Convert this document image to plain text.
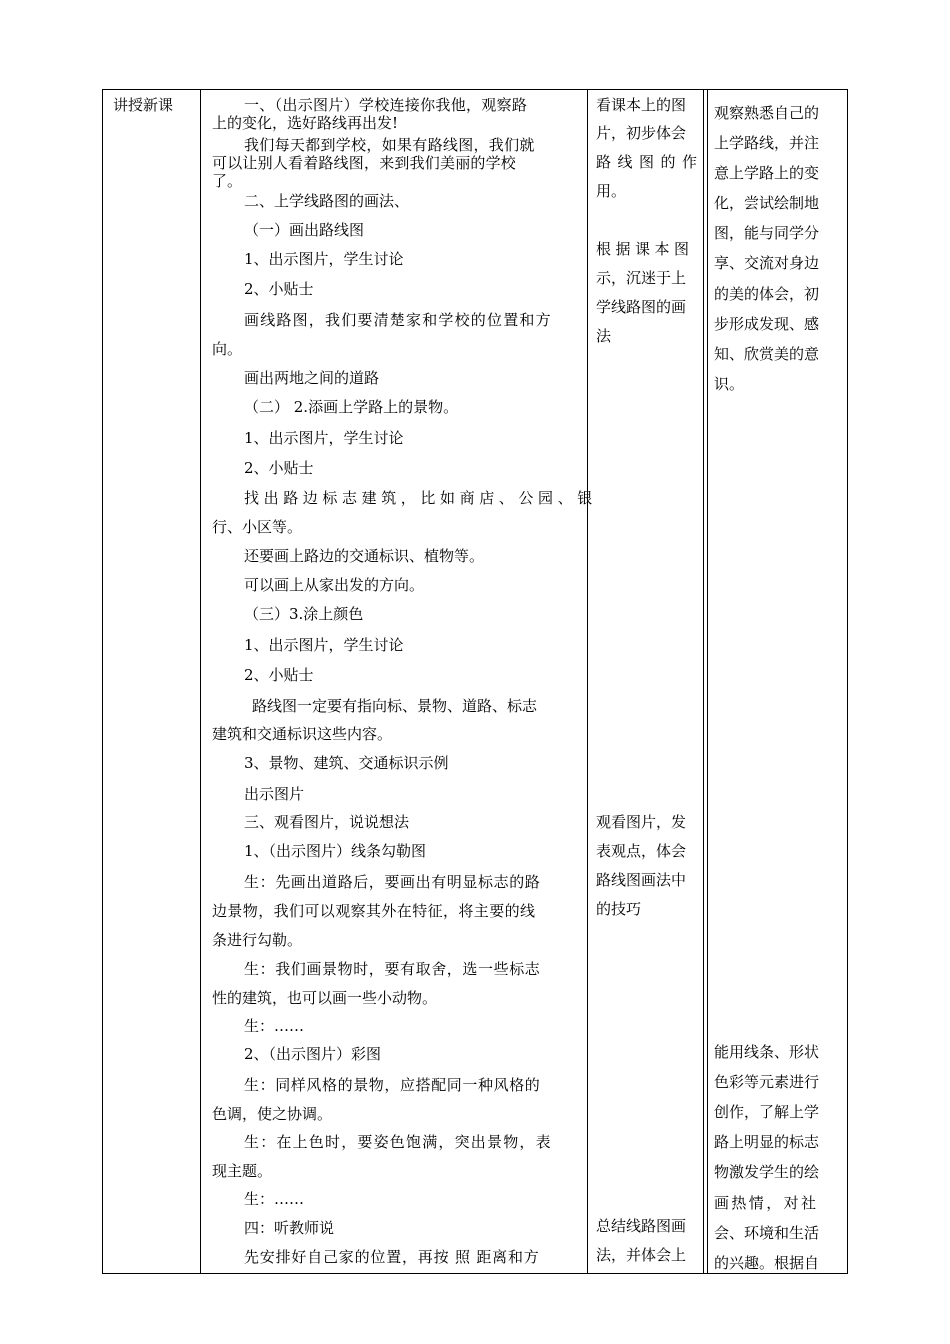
讲授新课	一、（出示图片）学校连接你我他，观察路
上的变化，选好路线再出发!
我们每天都到学校，如果有路线图，我们就
可以让别人看着路线图，来到我们美丽的学校
了。
二、上学线路图的画法、
（一）画出路线图
1、出示图片，学生讨论
2、小贴士
画线路图，我们要清楚家和学校的位置和方
向。
画出两地之间的道路
（二） 2.添画上学路上的景物。
1、出示图片，学生讨论
2、小贴士
找出路边标志建筑，比如商店、公园、银
行、小区等。
还要画上路边的交通标识、植物等。
可以画上从家出发的方向。
（三）3.涂上颜色
1、出示图片，学生讨论
2、小贴士
路线图一定要有指向标、景物、道路、标志
建筑和交通标识这些内容。
3、景物、建筑、交通标识示例
出示图片
三、观看图片，说说想法
1、（出示图片）线条勾勒图
生：先画出道路后，要画出有明显标志的路
边景物，我们可以观察其外在特征，将主要的线
条进行勾勒。
生：我们画景物时，要有取舍，选一些标志
性的建筑，也可以画一些小动物。
生：……
2、（出示图片）彩图
生：同样风格的景物，应搭配同一种风格的
色调，使之协调。
生：在上色时，要姿色饱满，突出景物，表
现主题。
生：……
四：听教师说
先安排好自己家的位置，再按 照 距离和方
看课本上的图
片，初步体会
路线图的作
用。
根据课本图
示，沉迷于上
学线路图的画
法
观看图片，发
表观点，体会
路线图画法中
的技巧
总结线路图画
法，并体会上
观察熟悉自己的
上学路线，并注
意上学路上的变
化，尝试绘制地
图，能与同学分
享、交流对身边
的美的体会，初
步形成发现、感
知、欣赏美的意
识。
能用线条、形状
色彩等元素进行
创作，了解上学
路上明显的标志
物激发学生的绘
画热情，对社
会、环境和生活
的兴趣。根据自
